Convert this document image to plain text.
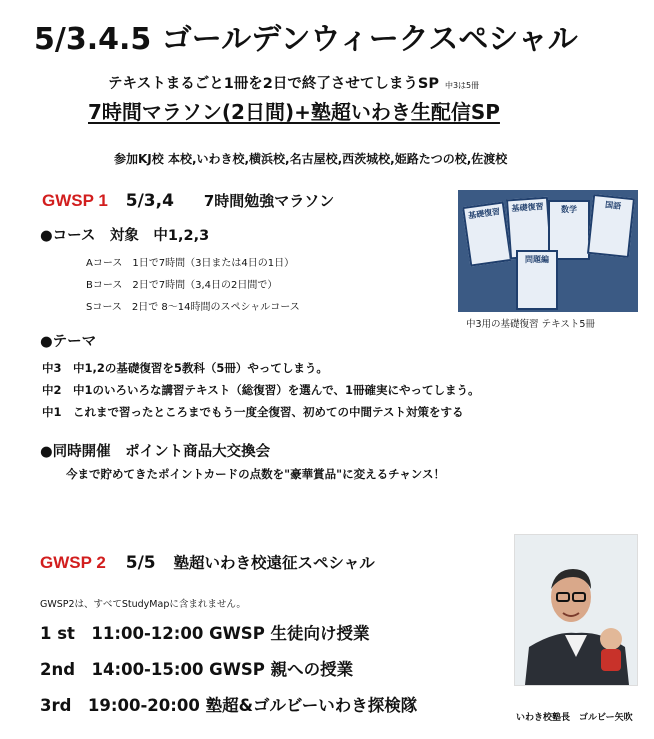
5/3.4.5 ゴールデンウィークスペシャル
テキストまるごと1冊を2日で終了させてしまうSP 中3は5冊
7時間マラソン(2日間)+塾超いわき生配信SP
参加KJ校 本校,いわき校,横浜校,名古屋校,西茨城校,姫路たつの校,佐渡校
GWSP 1 5/3,4 7時間勉強マラソン
●コース　対象　中1,2,3
Aコース　1日で7時間（3日または4日の1日）
Bコース　2日で7時間（3,4日の2日間で）
Sコース　2日で 8〜14時間のスペシャルコース
基礎復習	基礎復習	数学
問題編
国語
中3用の基礎復習 テキスト5冊
●テーマ
中3　中1,2の基礎復習を5教科（5冊）やってしまう。
中2　中1のいろいろな講習テキスト（総復習）を選んで、1冊確実にやってしまう。
中1　これまで習ったところまでもう一度全復習、初めての中間テスト対策をする
●同時開催　ポイント商品大交換会
今まで貯めてきたポイントカードの点数を"豪華賞品"に変えるチャンス！
GWSP 2 5/5 塾超いわき校遠征スペシャル
GWSP2は、すべてStudyMapに含まれません。
1 st　11:00-12:00 GWSP 生徒向け授業
2nd　14:00-15:00 GWSP 親への授業
3rd　19:00-20:00 塾超&ゴルビーいわき探検隊
いわき校塾長　ゴルビー矢吹
